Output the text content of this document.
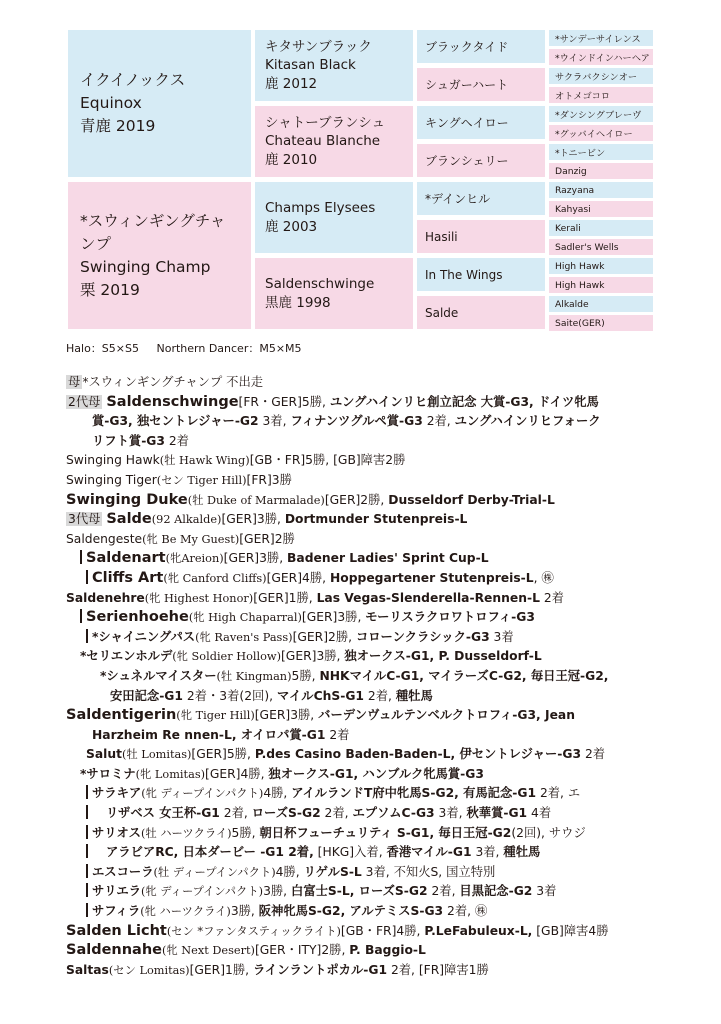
イクイノックス
Equinox
青鹿 2019
*スウィンギングチャンプ
Swinging Champ
栗 2019
キタサンブラック
Kitasan Black
鹿 2012
シャトーブランシュ
Chateau Blanche
鹿 2010
Champs Elysees
鹿 2003
Saldenschwinge
黒鹿 1998
ブラックタイド
シュガーハート
キングヘイロー
ブランシェリー
*デインヒル
Hasili
In The Wings
Salde
*サンデーサイレンス
*ウインドインハーヘア
サクラバクシンオー
オトメゴコロ
*ダンシングブレーヴ
*グッバイヘイロー
*トニービン
Danzig
Razyana
Kahyasi
Kerali
Sadler's Wells
High Hawk
High Hawk
Alkalde
Saite(GER)
Halo：S5×S5 Northern Dancer：M5×M5
母 *スウィンギングチャンプ 不出走
2代母 Saldenschwinge[FR・GER]5勝, ユングハインリヒ創立記念 大賞-G3, ドイツ牝馬
賞-G3, 独セントレジャー-G2 3着, フィナンツグルペ賞-G3 2着, ユングハインリヒフォーク
リフト賞-G3 2着
Swinging Hawk(牡 Hawk Wing)[GB・FR]5勝, [GB]障害2勝
Swinging Tiger(セン Tiger Hill)[FR]3勝
Swinging Duke(牡 Duke of Marmalade)[GER]2勝, Dusseldorf Derby-Trial-L
3代母 Salde(92 Alkalde)[GER]3勝, Dortmunder Stutenpreis-L
Saldengeste(牝 Be My Guest)[GER]2勝
Saldenart(牝Areion)[GER]3勝, Badener Ladies' Sprint Cup-L
Cliffs Art(牝 Canford Cliffs)[GER]4勝, Hoppegartener Stutenpreis-L, ㊑
Saldenehre(牝 Highest Honor)[GER]1勝, Las Vegas-Slenderella-Rennen-L 2着
Serienhoehe(牝 High Chaparral)[GER]3勝, モーリスラクロワトロフィ-G3
*シャイニングパス(牝 Raven's Pass)[GER]2勝, コローンクラシック-G3 3着
*セリエンホルデ(牝 Soldier Hollow)[GER]3勝, 独オークス-G1, P. Dusseldorf-L
*シュネルマイスター(牡 Kingman)5勝, NHKマイルC-G1, マイラーズC-G2, 毎日王冠-G2,
安田記念-G1 2着・3着(2回), マイルChS-G1 2着, 種牡馬
Saldentigerin(牝 Tiger Hill)[GER]3勝, バーデンヴュルテンベルクトロフィ-G3, Jean
Harzheim Re nnen-L, オイロパ賞-G1 2着
Salut(牡 Lomitas)[GER]5勝, P.des Casino Baden-Baden-L, 伊セントレジャー-G3 2着
*サロミナ(牝 Lomitas)[GER]4勝, 独オークス-G1, ハンブルク牝馬賞-G3
サラキア(牝 ディープインパクト)4勝, アイルランドT府中牝馬S-G2, 有馬記念-G1 2着, エ
リザベス 女王杯-G1 2着, ローズS-G2 2着, エプソムC-G3 3着, 秋華賞-G1 4着
サリオス(牡 ハーツクライ)5勝, 朝日杯フューチュリティ S-G1, 毎日王冠-G2(2回), サウジ
アラビアRC, 日本ダービー -G1 2着, [HKG]入着, 香港マイル-G1 3着, 種牡馬
エスコーラ(牡 ディープインパクト)4勝, リゲルS-L 3着, 不知火S, 国立特別
サリエラ(牝 ディープインパクト)3勝, 白富士S-L, ローズS-G2 2着, 目黒記念-G2 3着
サフィラ(牝 ハーツクライ)3勝, 阪神牝馬S-G2, アルテミスS-G3 2着, ㊑
Salden Licht(セン *ファンタスティックライト)[GB・FR]4勝, P.LeFabuleux-L, [GB]障害4勝
Saldennahe(牝 Next Desert)[GER・ITY]2勝, P. Baggio-L
Saltas(セン Lomitas)[GER]1勝, ラインラントポカル-G1 2着, [FR]障害1勝
